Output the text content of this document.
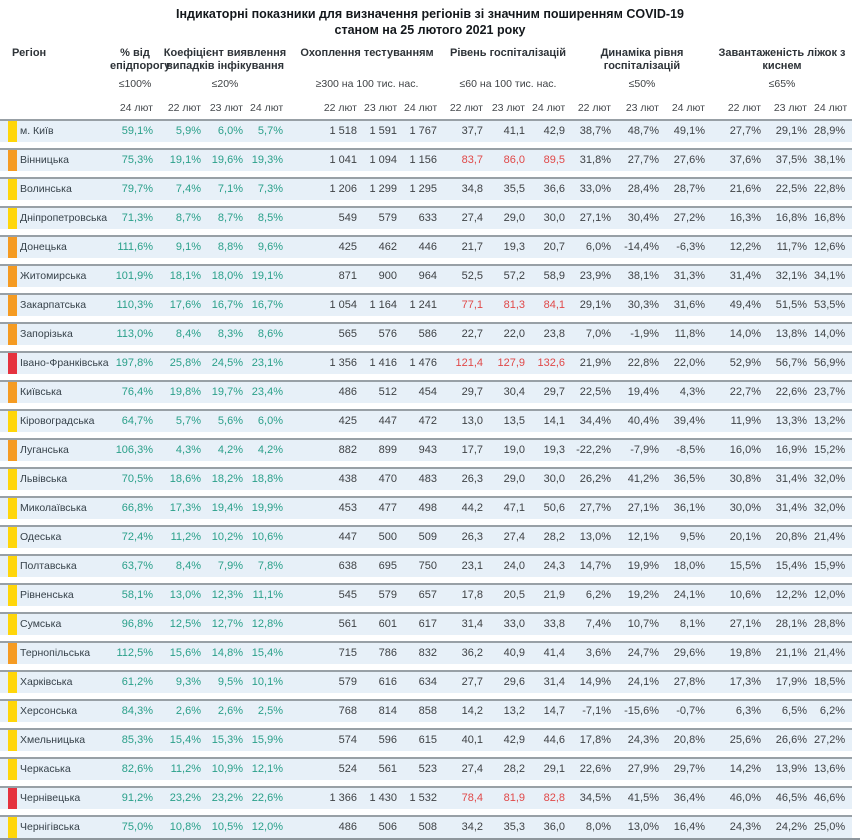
Індикаторні показники для визначення регіонів зі значним поширенням COVID-19
станом на 25 лютого 2021 року
Регіон	% від епідпорогу
Коефіцієнт виявлення випадків інфікування
Охоплення тестуванням	Рівень госпіталізацій	Динаміка рівня госпіталізацій
Завантаженість ліжок з киснем
≤100%	≤20%	≥300 на 100 тис. нас.	≤60 на 100 тис. нас.	≤50%	≤65%
24 лют	22 лют 23 лют 24 лют	22 лют 23 лют 24 лют	22 лют 23 лют 24 лют	22 лют	23 лют	24 лют	22 лют	23 лют 24 лют
м. Київ	59,1%	5,9%	6,0%	5,7%	1 518	1 591	1 767	37,7	41,1	42,9	38,7%	48,7%	49,1%	27,7%	29,1% 28,9%
Вінницька	75,3%	19,1% 19,6% 19,3%	1 041	1 094	1 156	83,7	86,0	89,5	31,8%	27,7%	27,6%	37,6%	37,5% 38,1%
Волинська	79,7%	7,4%	7,1%	7,3%	1 206	1 299	1 295	34,8	35,5	36,6	33,0%	28,4%	28,7%	21,6%	22,5% 22,8%
Дніпропетровська	71,3%	8,7%	8,7%	8,5%	549	579	633	27,4	29,0	30,0	27,1%	30,4%	27,2%	16,3%	16,8% 16,8%
Донецька	111,6%	9,1%	8,8%	9,6%	425	462	446	21,7	19,3	20,7	6,0%	-14,4%	-6,3%	12,2%	11,7% 12,6%
Житомирська	101,9%	18,1% 18,0% 19,1%	871	900	964	52,5	57,2	58,9	23,9%	38,1%	31,3%	31,4%	32,1% 34,1%
Закарпатська	110,3%	17,6% 16,7% 16,7%	1 054	1 164	1 241	77,1	81,3	84,1	29,1%	30,3%	31,6%	49,4%	51,5% 53,5%
Запорізька	113,0%	8,4%	8,3%	8,6%	565	576	586	22,7	22,0	23,8	7,0%	-1,9%	11,8%	14,0%	13,8% 14,0%
Івано-Франківська 197,8%	25,8% 24,5% 23,1%	1 356	1 416	1 476	121,4	127,9	132,6	21,9%	22,8%	22,0%	52,9%	56,7% 56,9%
Київська	76,4%	19,8% 19,7% 23,4%	486	512	454	29,7	30,4	29,7	22,5%	19,4%	4,3%	22,7%	22,6% 23,7%
Кіровоградська	64,7%	5,7%	5,6%	6,0%	425	447	472	13,0	13,5	14,1	34,4%	40,4%	39,4%	11,9%	13,3% 13,2%
Луганська	106,3%	4,3%	4,2%	4,2%	882	899	943	17,7	19,0	19,3	-22,2%	-7,9%	-8,5%	16,0%	16,9% 15,2%
Львівська	70,5%	18,6% 18,2% 18,8%	438	470	483	26,3	29,0	30,0	26,2%	41,2%	36,5%	30,8%	31,4% 32,0%
Миколаївська	66,8%	17,3% 19,4% 19,9%	453	477	498	44,2	47,1	50,6	27,7%	27,1%	36,1%	30,0%	31,4% 32,0%
Одеська	72,4%	11,2% 10,2% 10,6%	447	500	509	26,3	27,4	28,2	13,0%	12,1%	9,5%	20,1%	20,8% 21,4%
Полтавська	63,7%	8,4%	7,9%	7,8%	638	695	750	23,1	24,0	24,3	14,7%	19,9%	18,0%	15,5%	15,4% 15,9%
Рівненська	58,1%	13,0% 12,3% 11,1%	545	579	657	17,8	20,5	21,9	6,2%	19,2%	24,1%	10,6%	12,2% 12,0%
Сумська	96,8%	12,5% 12,7% 12,8%	561	601	617	31,4	33,0	33,8	7,4%	10,7%	8,1%	27,1%	28,1% 28,8%
Тернопільська	112,5%	15,6% 14,8% 15,4%	715	786	832	36,2	40,9	41,4	3,6%	24,7%	29,6%	19,8%	21,1% 21,4%
Харківська	61,2%	9,3%	9,5% 10,1%	579	616	634	27,7	29,6	31,4	14,9%	24,1%	27,8%	17,3%	17,9% 18,5%
Херсонська	84,3%	2,6%	2,6%	2,5%	768	814	858	14,2	13,2	14,7	-7,1%	-15,6%	-0,7%	6,3%	6,5%	6,2%
Хмельницька	85,3%	15,4% 15,3% 15,9%	574	596	615	40,1	42,9	44,6	17,8%	24,3%	20,8%	25,6%	26,6% 27,2%
Черкаська	82,6%	11,2% 10,9% 12,1%	524	561	523	27,4	28,2	29,1	22,6%	27,9%	29,7%	14,2%	13,9% 13,6%
Чернівецька	91,2%	23,2% 23,2% 22,6%	1 366	1 430	1 532	78,4	81,9	82,8	34,5%	41,5%	36,4%	46,0%	46,5% 46,6%
Чернігівська	75,0%	10,8% 10,5% 12,0%	486	506	508	34,2	35,3	36,0	8,0%	13,0%	16,4%	24,3%	24,2% 25,0%
